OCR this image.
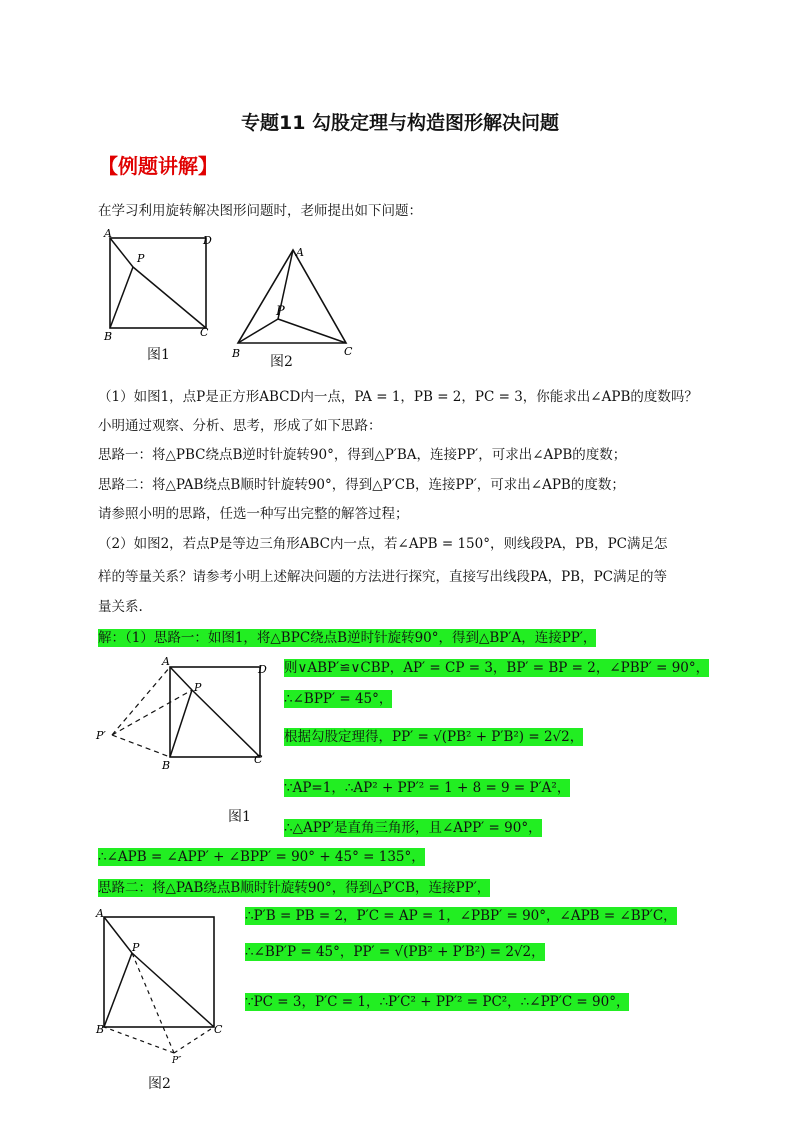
专题11 勾股定理与构造图形解决问题
【例题讲解】
在学习利用旋转解决图形问题时，老师提出如下问题：
A
D
P
B	C
图1
A
P
B	C
图2
（1）如图1，点P是正方形ABCD内一点，PA = 1，PB = 2，PC = 3，你能求出∠APB的度数吗？
小明通过观察、分析、思考，形成了如下思路：
思路一：将△PBC绕点B逆时针旋转90°，得到△P′BA，连接PP′，可求出∠APB的度数；
思路二：将△PAB绕点B顺时针旋转90°，得到△P′CB，连接PP′，可求出∠APB的度数；
请参照小明的思路，任选一种写出完整的解答过程；
（2）如图2，若点P是等边三角形ABC内一点，若∠APB = 150°，则线段PA，PB，PC满足怎
样的等量关系？请参考小明上述解决问题的方法进行探究，直接写出线段PA，PB，PC满足的等
量关系.
解：（1）思路一：如图1，将△BPC绕点B逆时针旋转90°，得到△BP′A，连接PP′，
A
D
P
P′
B	C
图1
则∨ABP′≌∨CBP，AP′ = CP = 3，BP′ = BP = 2，∠PBP′ = 90°，
∴∠BPP′ = 45°，
根据勾股定理得，PP′ = √(PB² + P′B²) = 2√2，
∵AP=1，∴AP² + PP′² = 1 + 8 = 9 = P′A²，
∴△APP′是直角三角形，且∠APP′ = 90°，
∴∠APB = ∠APP′ + ∠BPP′ = 90° + 45° = 135°，
思路二：将△PAB绕点B顺时针旋转90°，得到△P′CB，连接PP′，
A
P
B	C
P″
图2
∴P′B = PB = 2，P′C = AP = 1，∠PBP′ = 90°，∠APB = ∠BP′C，
∴∠BP′P = 45°，PP′ = √(PB² + P′B²) = 2√2，
∵PC = 3，P′C = 1，∴P′C² + PP′² = PC²，∴∠PP′C = 90°，
